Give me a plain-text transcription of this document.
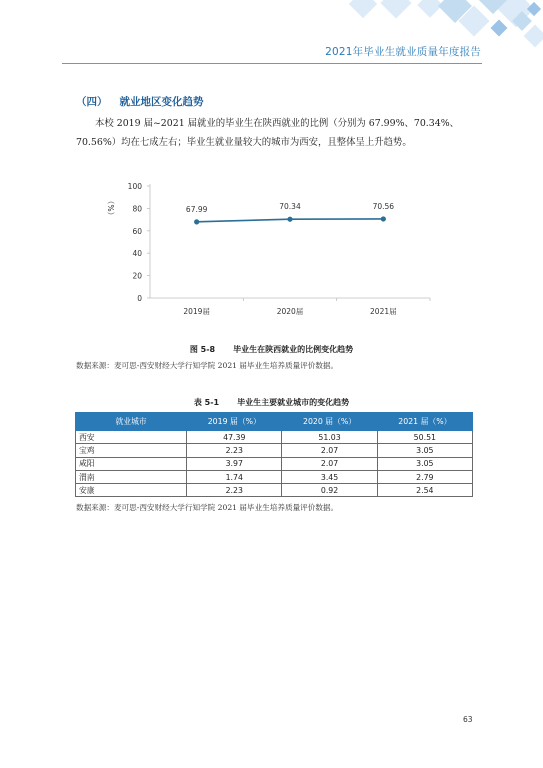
2021年毕业生就业质量年度报告
（四） 就业地区变化趋势
本校 2019 届~2021 届就业的毕业生在陕西就业的比例（分别为 67.99%、70.34%、70.56%）均在七成左右；毕业生就业量较大的城市为西安，且整体呈上升趋势。
0
20
40
60
80
100
（%）
2019届	2020届	2021届
67.99	70.34	70.56
图 5-8 毕业生在陕西就业的比例变化趋势
数据来源：麦可思-西安财经大学行知学院 2021 届毕业生培养质量评价数据。
表 5-1 毕业生主要就业城市的变化趋势
就业城市	2019 届（%）	2020 届（%）	2021 届（%）
西安	47.39	51.03	50.51
宝鸡	2.23	2.07	3.05
咸阳	3.97	2.07	3.05
渭南	1.74	3.45	2.79
安康	2.23	0.92	2.54
数据来源：麦可思-西安财经大学行知学院 2021 届毕业生培养质量评价数据。
63
